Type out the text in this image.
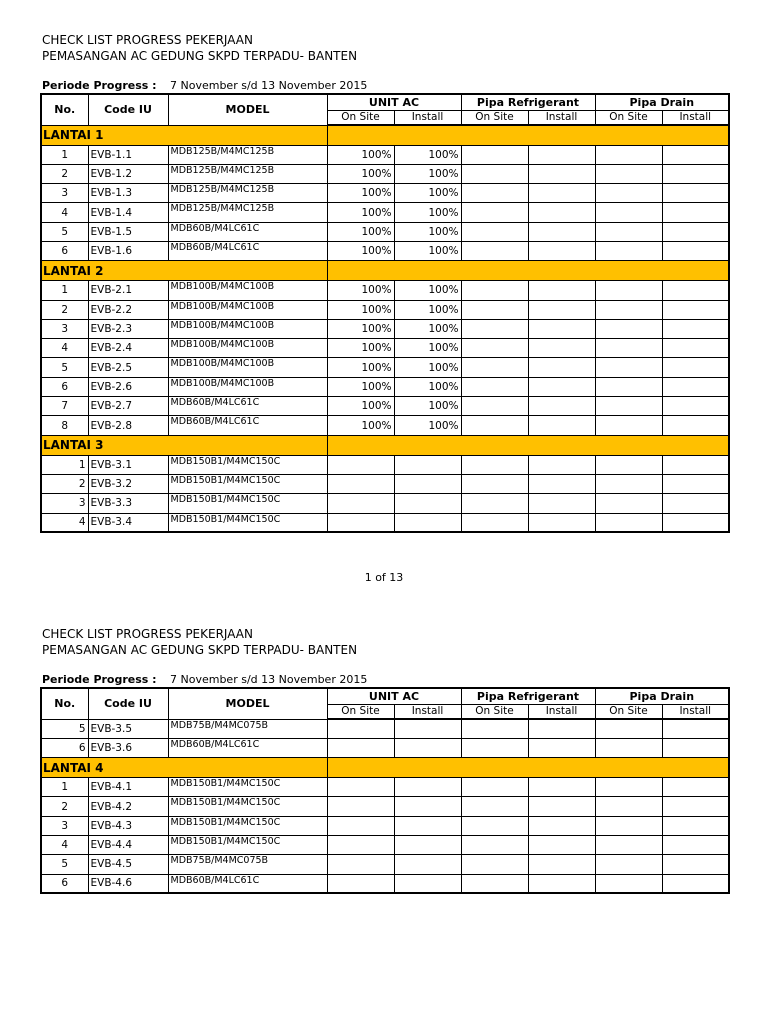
CHECK LIST PROGRESS PEKERJAAN
PEMASANGAN AC GEDUNG SKPD TERPADU- BANTEN
Periode Progress : 7 November s/d 13 November 2015
No.	Code IU	MODEL	UNIT AC		Pipa Refrigerant		Pipa Drain	
			On Site	Install	On Site	Install	On Site	Install
LANTAI 1								
1	EVB-1.1	MDB125B/M4MC125B	100%	100%				
2	EVB-1.2	MDB125B/M4MC125B	100%	100%				
3	EVB-1.3	MDB125B/M4MC125B	100%	100%				
4	EVB-1.4	MDB125B/M4MC125B	100%	100%				
5	EVB-1.5	MDB60B/M4LC61C	100%	100%				
6	EVB-1.6	MDB60B/M4LC61C	100%	100%				
LANTAI 2								
1	EVB-2.1	MDB100B/M4MC100B	100%	100%				
2	EVB-2.2	MDB100B/M4MC100B	100%	100%				
3	EVB-2.3	MDB100B/M4MC100B	100%	100%				
4	EVB-2.4	MDB100B/M4MC100B	100%	100%				
5	EVB-2.5	MDB100B/M4MC100B	100%	100%				
6	EVB-2.6	MDB100B/M4MC100B	100%	100%				
7	EVB-2.7	MDB60B/M4LC61C	100%	100%				
8	EVB-2.8	MDB60B/M4LC61C	100%	100%				
LANTAI 3								
1	EVB-3.1	MDB150B1/M4MC150C						
2	EVB-3.2	MDB150B1/M4MC150C						
3	EVB-3.3	MDB150B1/M4MC150C						
4	EVB-3.4	MDB150B1/M4MC150C						
1 of 13
CHECK LIST PROGRESS PEKERJAAN
PEMASANGAN AC GEDUNG SKPD TERPADU- BANTEN
Periode Progress : 7 November s/d 13 November 2015
No.	Code IU	MODEL	UNIT AC		Pipa Refrigerant		Pipa Drain	
			On Site	Install	On Site	Install	On Site	Install
5	EVB-3.5	MDB75B/M4MC075B						
6	EVB-3.6	MDB60B/M4LC61C						
LANTAI 4								
1	EVB-4.1	MDB150B1/M4MC150C						
2	EVB-4.2	MDB150B1/M4MC150C						
3	EVB-4.3	MDB150B1/M4MC150C						
4	EVB-4.4	MDB150B1/M4MC150C						
5	EVB-4.5	MDB75B/M4MC075B						
6	EVB-4.6	MDB60B/M4LC61C						
